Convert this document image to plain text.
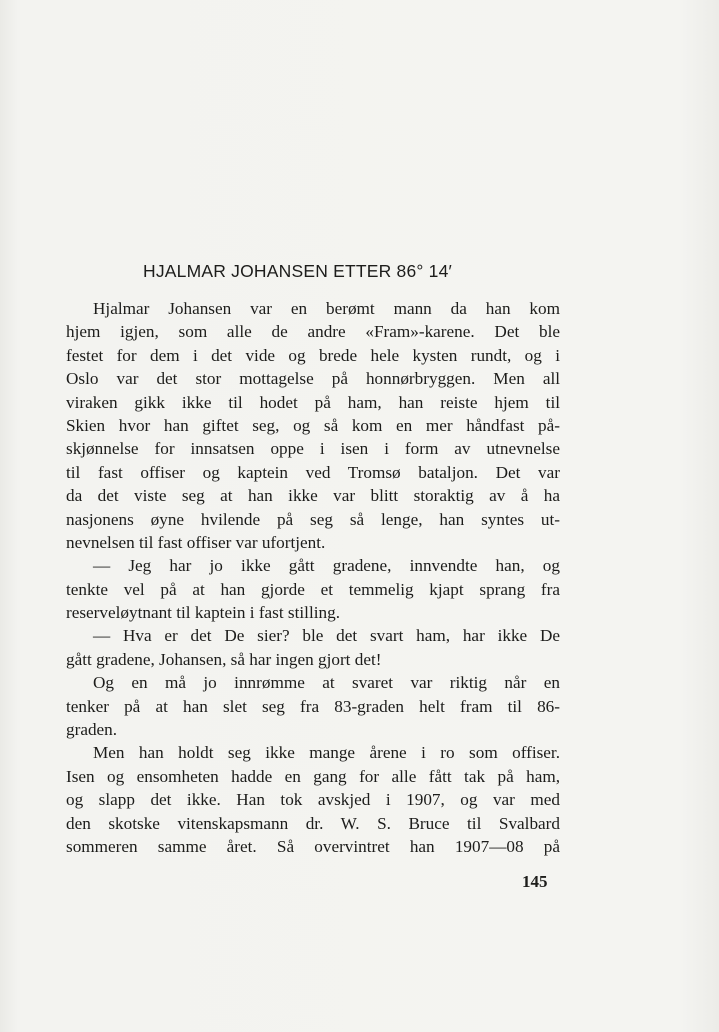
HJALMAR JOHANSEN ETTER 86° 14′
Hjalmar Johansen var en berømt mann da han kom
hjem igjen, som alle de andre «Fram»-karene. Det ble
festet for dem i det vide og brede hele kysten rundt, og i
Oslo var det stor mottagelse på honnørbryggen. Men all
viraken gikk ikke til hodet på ham, han reiste hjem til
Skien hvor han giftet seg, og så kom en mer håndfast på-
skjønnelse for innsatsen oppe i isen i form av utnevnelse
til fast offiser og kaptein ved Tromsø bataljon. Det var
da det viste seg at han ikke var blitt storaktig av å ha
nasjonens øyne hvilende på seg så lenge, han syntes ut-
nevnelsen til fast offiser var ufortjent.
— Jeg har jo ikke gått gradene, innvendte han, og
tenkte vel på at han gjorde et temmelig kjapt sprang fra
reserveløytnant til kaptein i fast stilling.
— Hva er det De sier? ble det svart ham, har ikke De
gått gradene, Johansen, så har ingen gjort det!
Og en må jo innrømme at svaret var riktig når en
tenker på at han slet seg fra 83-graden helt fram til 86-
graden.
Men han holdt seg ikke mange årene i ro som offiser.
Isen og ensomheten hadde en gang for alle fått tak på ham,
og slapp det ikke. Han tok avskjed i 1907, og var med
den skotske vitenskapsmann dr. W. S. Bruce til Svalbard
sommeren samme året. Så overvintret han 1907—08 på
145
